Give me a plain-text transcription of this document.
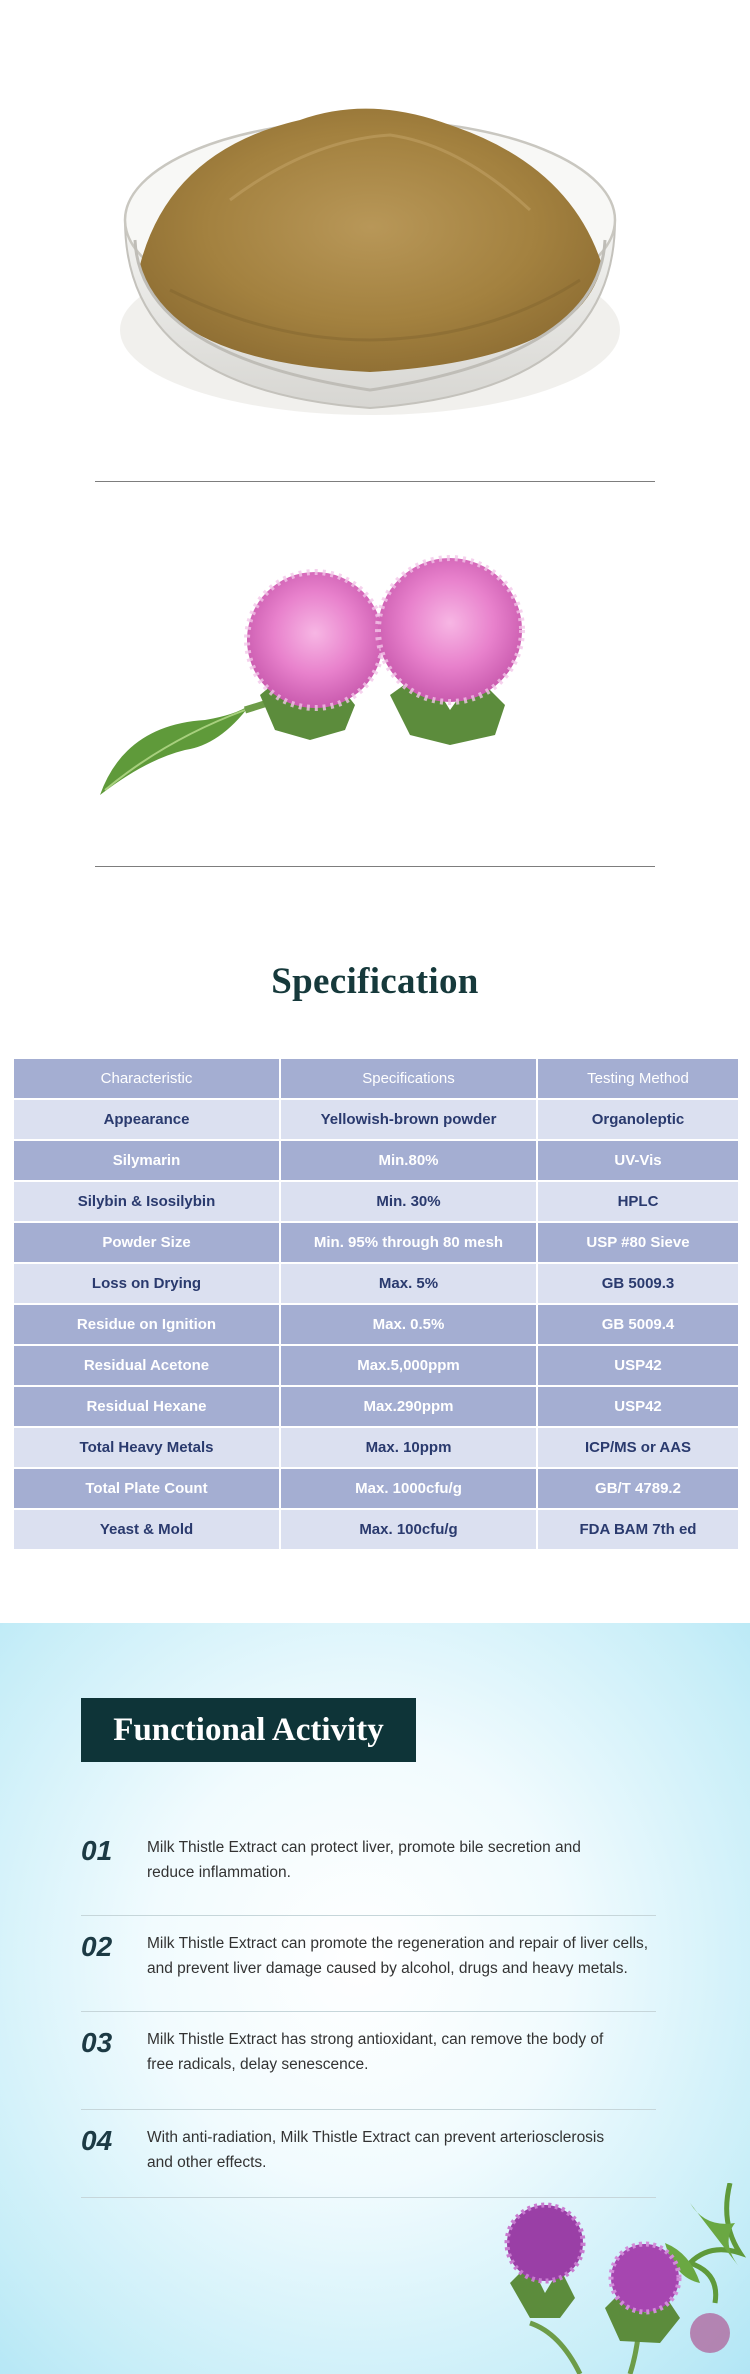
Specification
Characteristic	Specifications	Testing Method
Appearance	Yellowish-brown powder	Organoleptic
Silymarin	Min.80%	UV-Vis
Silybin & Isosilybin	Min. 30%	HPLC
Powder Size	Min. 95% through 80 mesh	USP #80 Sieve
Loss on Drying	Max. 5%	GB 5009.3
Residue on Ignition	Max. 0.5%	GB 5009.4
Residual Acetone	Max.5,000ppm	USP42
Residual Hexane	Max.290ppm	USP42
Total Heavy Metals	Max. 10ppm	ICP/MS or AAS
Total Plate Count	Max. 1000cfu/g	GB/T 4789.2
Yeast & Mold	Max. 100cfu/g	FDA BAM 7th ed
Functional Activity
01 Milk Thistle Extract can protect liver, promote bile secretion and
reduce inflammation.
02 Milk Thistle Extract can promote the regeneration and repair of liver cells,
and prevent liver damage caused by alcohol, drugs and heavy metals.
03 Milk Thistle Extract has strong antioxidant, can remove the body of
free radicals, delay senescence.
04 With anti-radiation, Milk Thistle Extract can prevent arteriosclerosis
and other effects.
